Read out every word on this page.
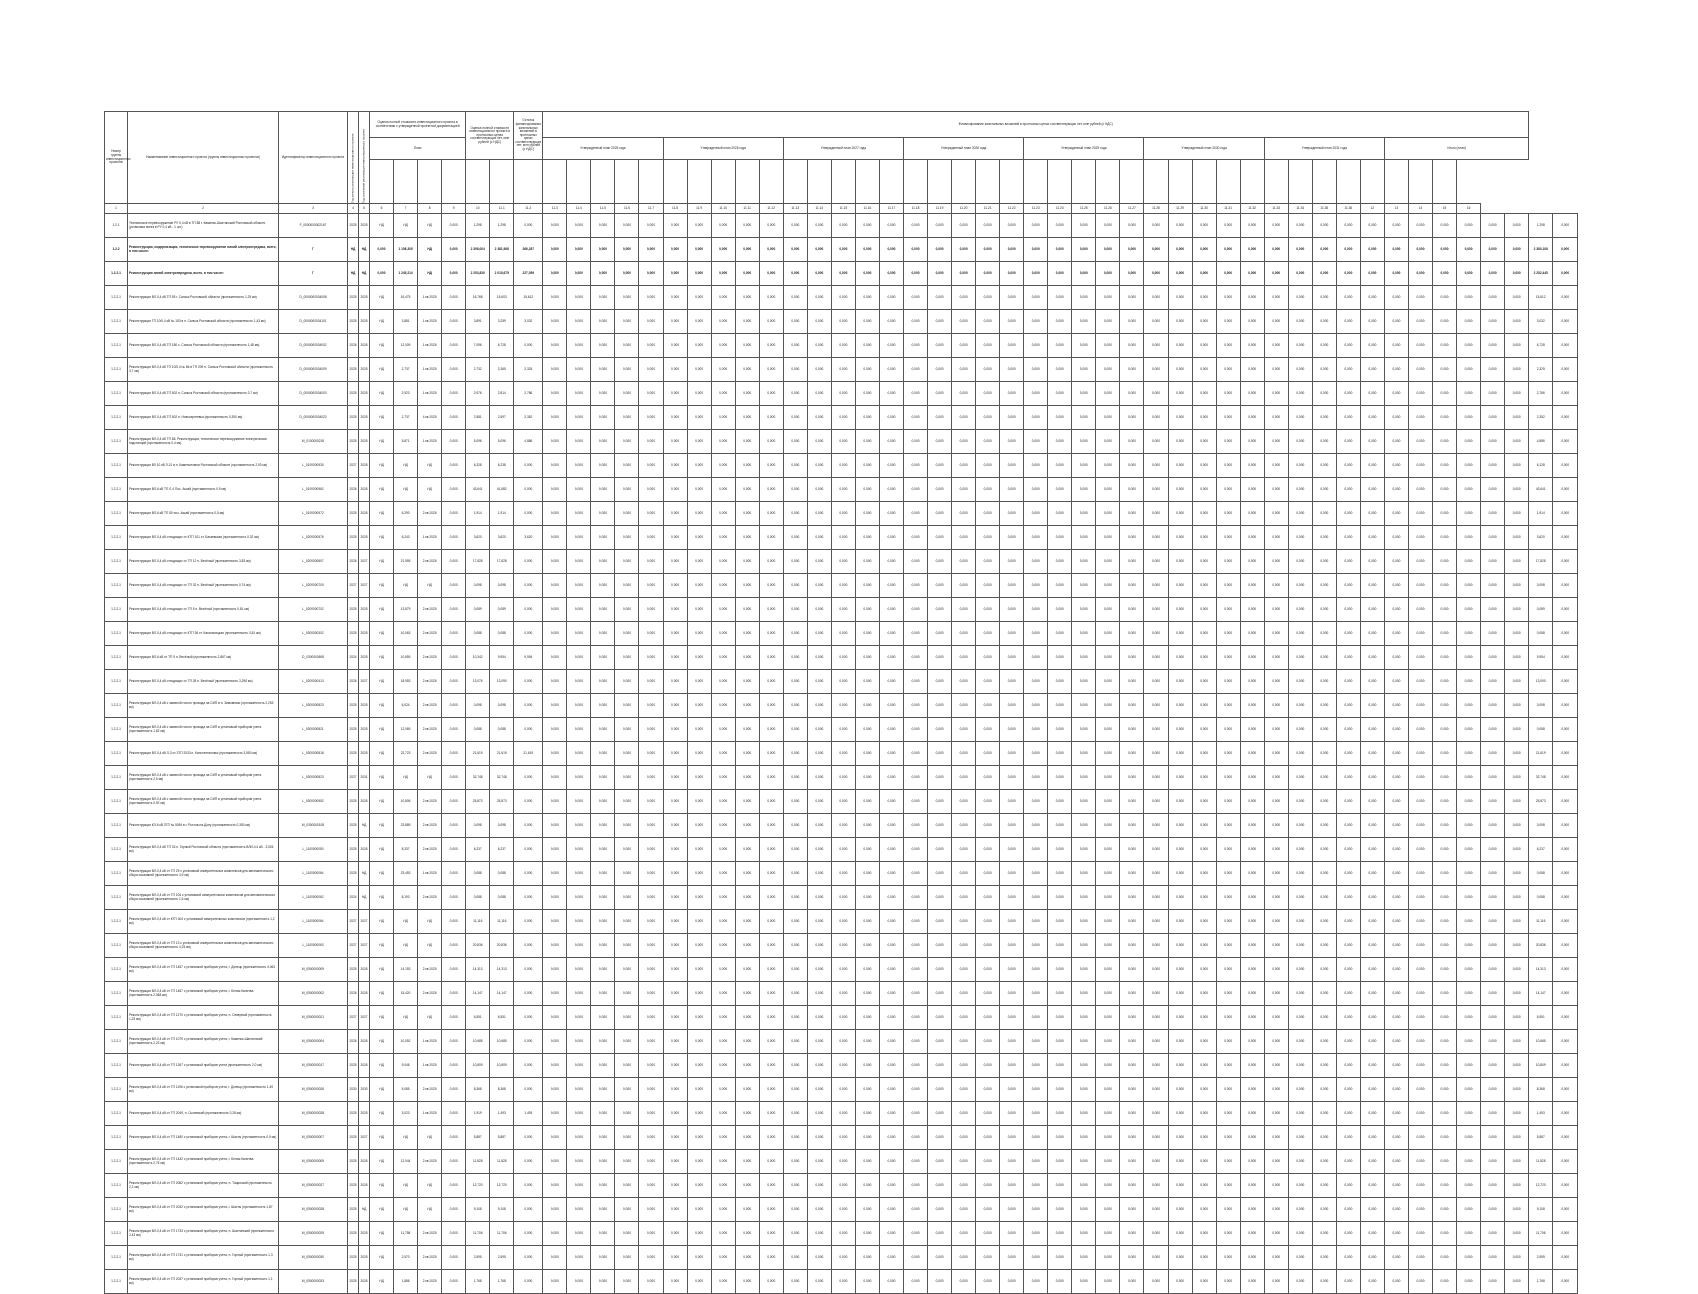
Номер группы инвестиционных проектов	Наименование инвестиционного проекта (группы инвестиционных проектов)	Идентификатор инвестиционного проекта	Год начала реализации инвестиционного проекта	Год окончания реализации инвестиционного проекта	Оценка полной стоимости инвестиционного проекта в соответствии с утвержденной проектной документацией				Оценка полной стоимости инвестиционного проекта в прогнозных ценах соответствующих лет, млн рублей (с НДС)		Остаток финансирования капитальных вложений в прогнозных ценах соответствующих лет, млн рублей (с НДС)	Финансирование капитальных вложений в прогнозных ценах соответствующих лет, млн рублей (с НДС)																																										
					План							Утвержденный план 2025 года					Утвержденный план 2026 года					Утвержденный план 2027 года					Утвержденный план 2028 года					Утвержденный план 2029 года					Утвержденный план 2030 года					Утвержденный план 2031 года					Итого (план)							

1	2	3	4	5	6	7	8	9	10	11.1	11.2	11.3	11.4	11.5	11.6	11.7	11.8	11.9	11.10	11.11	11.12	11.13	11.14	11.15	11.16	11.17	11.18	11.19	11.20	11.21	11.22	11.23	11.24	11.25	11.26	11.27	11.28	11.29	11.30	11.31	11.32	11.33	11.34	11.35	11.36	12	13	14	15	16				
1.2.1	Техническое перевооружение РУ 0,4 кВ в ТП 88 г. Каменск-Шахтинский Ростовской области (установка ячеек в РУ 0,4 кВ - 1 шт.)	F_0000000002167	2025	2025	НД	НД	НД	0,000	1,298	1,298	0,000	0,000	0,000	0,000	0,000	0,000	0,000	0,000	0,000	0,000	0,000	0,000	0,000	0,000	0,000	0,000	0,000	0,000	0,000	0,000	0,000	0,000	0,000	0,000	0,000	0,000	0,000	0,000	0,000	0,000	0,000	0,000	0,000	0,000	0,000	0,000	0,000	0,000	0,000	0,000	0,000	0,000	1,298	0,000
1.2.2	Реконструкция, модернизация, техническое перевооружение линий электропередачи, всего, в том числе:	Г	НД	НД	0,000	1 108,305	НД	0,000	2 398,004	2 381,968	266,287	0,000	0,000	0,000	0,000	0,000	0,000	0,000	0,000	0,000	0,000	0,000	0,000	0,000	0,000	0,000	0,000	0,000	0,000	0,000	0,000	0,000	0,000	0,000	0,000	0,000	0,000	0,000	0,000	0,000	0,000	0,000	0,000	0,000	0,000	0,000	0,000	0,000	0,000	0,000	0,000	0,000	2 380,108	0,000
1.2.2.1	Реконструкция линий электропередачи, всего, в том числе:	Г	НД	НД	0,000	1 245,214	НД	0,000	2 253,830	2 015,675	227,059	0,000	0,000	0,000	0,000	0,000	0,000	0,000	0,000	0,000	0,000	0,000	0,000	0,000	0,000	0,000	0,000	0,000	0,000	0,000	0,000	0,000	0,000	0,000	0,000	0,000	0,000	0,000	0,000	0,000	0,000	0,000	0,000	0,000	0,000	0,000	0,000	0,000	0,000	0,000	0,000	0,000	2 252,445	0,000
1.2.2.1	Реконструкция ВЛ-0,4 кВ ТП 55 г. Сальск Ростовской области (протяженность 1,25 км)	D_0000000034008	2025	2025	НД	16,475	1 кв 2025	0,000	16,768	15,603	15,612	0,000	0,000	0,000	0,000	0,000	0,000	0,000	0,000	0,000	0,000	0,000	0,000	0,000	0,000	0,000	0,000	0,000	0,000	0,000	0,000	0,000	0,000	0,000	0,000	0,000	0,000	0,000	0,000	0,000	0,000	0,000	0,000	0,000	0,000	0,000	0,000	0,000	0,000	0,000	0,000	0,000	15,612	0,000
1.2.2.1	Реконструкция ТП 10/0,4 кВ № 153 в п. Сальск Ростовской области (протяженность 1,43 км)	D_0000000034101	2025	2025	НД	3,881	1 кв 2025	0,000	3,891	3,259	3,032	0,000	0,000	0,000	0,000	0,000	0,000	0,000	0,000	0,000	0,000	0,000	0,000	0,000	0,000	0,000	0,000	0,000	0,000	0,000	0,000	0,000	0,000	0,000	0,000	0,000	0,000	0,000	0,000	0,000	0,000	0,000	0,000	0,000	0,000	0,000	0,000	0,000	0,000	0,000	0,000	0,000	3,032	0,000
1.2.2.1	Реконструкция ВЛ-0,4 кВ ТП 180 с. Сальск Ростовской области (протяженность 1,48 км)	D_0000000034002	2026	2026	НД	12,009	1 кв 2026	0,000	7,096	6,728	0,000	0,000	0,000	0,000	0,000	0,000	0,000	0,000	0,000	0,000	0,000	0,000	0,000	0,000	0,000	0,000	0,000	0,000	0,000	0,000	0,000	0,000	0,000	0,000	0,000	0,000	0,000	0,000	0,000	0,000	0,000	0,000	0,000	0,000	0,000	0,000	0,000	0,000	0,000	0,000	0,000	0,000	6,728	0,000
1.2.2.1	Реконструкция ВЛ-0,4 кВ ТП 10/0,4 № 66 в ТП 209 п. Сальск Ростовской области (протяженность 3,7 км)	D_0000000034009	2025	2025	НД	2,737	1 кв 2025	0,000	2,732	2,365	2,325	0,000	0,000	0,000	0,000	0,000	0,000	0,000	0,000	0,000	0,000	0,000	0,000	0,000	0,000	0,000	0,000	0,000	0,000	0,000	0,000	0,000	0,000	0,000	0,000	0,000	0,000	0,000	0,000	0,000	0,000	0,000	0,000	0,000	0,000	0,000	0,000	0,000	0,000	0,000	0,000	0,000	2,325	0,000
1.2.2.1	Реконструкция ВЛ-0,4 кВ ТП 502 п. Сальск Ростовской области (протяженность 0,7 км)	D_0000000034003	2025	2025	НД	2,923	1 кв 2025	0,000	2,976	2,814	2,786	0,000	0,000	0,000	0,000	0,000	0,000	0,000	0,000	0,000	0,000	0,000	0,000	0,000	0,000	0,000	0,000	0,000	0,000	0,000	0,000	0,000	0,000	0,000	0,000	0,000	0,000	0,000	0,000	0,000	0,000	0,000	0,000	0,000	0,000	0,000	0,000	0,000	0,000	0,000	0,000	0,000	2,786	0,000
1.2.2.1	Реконструкция ВЛ-0,4 кВ ТП 502 п. Новосергеевка (протяженность 0,350 км)	D_0000000034023	2025	2025	НД	2,737	4 кв 2025	0,000	2,581	2,597	2,352	0,000	0,000	0,000	0,000	0,000	0,000	0,000	0,000	0,000	0,000	0,000	0,000	0,000	0,000	0,000	0,000	0,000	0,000	0,000	0,000	0,000	0,000	0,000	0,000	0,000	0,000	0,000	0,000	0,000	0,000	0,000	0,000	0,000	0,000	0,000	0,000	0,000	0,000	0,000	0,000	0,000	2,352	0,000
1.2.2.1	Реконструкция ВЛ-0,4 кВ ТП 68. Реконструкция, техническое перевооружение электрических подстанций (протяженность 0,4 км)	М_0100000218	2025	2025	НД	5,871	1 кв 2025	0,000	5,096	5,096	4,886	0,000	0,000	0,000	0,000	0,000	0,000	0,000	0,000	0,000	0,000	0,000	0,000	0,000	0,000	0,000	0,000	0,000	0,000	0,000	0,000	0,000	0,000	0,000	0,000	0,000	0,000	0,000	0,000	0,000	0,000	0,000	0,000	0,000	0,000	0,000	0,000	0,000	0,000	0,000	0,000	0,000	4,886	0,000
1.2.2.1	Реконструкция ВЛ 10 кВ Л-21 в п. Каменоломни Ростовской области (протяженность 2,93 км)	L_0100000930	2027	2028	НД	НД	НД	0,000	6,328	6,238	0,000	0,000	0,000	0,000	0,000	0,000	0,000	0,000	0,000	0,000	0,000	0,000	0,000	0,000	0,000	0,000	0,000	0,000	0,000	0,000	0,000	0,000	0,000	0,000	0,000	0,000	0,000	0,000	0,000	0,000	0,000	0,000	0,000	0,000	0,000	0,000	0,000	0,000	0,000	0,000	0,000	0,000	6,128	0,000
1.2.2.1	Реконструкция ВЛ-6 кВ ТП Л-4 Пос. Аксай (протяженность 0,9 км)	L_0100000962	2026	2026	НД	НД	НД	0,000	43,641	41,882	0,000	0,000	0,000	0,000	0,000	0,000	0,000	0,000	0,000	0,000	0,000	0,000	0,000	0,000	0,000	0,000	0,000	0,000	0,000	0,000	0,000	0,000	0,000	0,000	0,000	0,000	0,000	0,000	0,000	0,000	0,000	0,000	0,000	0,000	0,000	0,000	0,000	0,000	0,000	0,000	0,000	0,000	43,641	0,000
1.2.2.1	Реконструкция ВЛ-6 кВ ТП 50 пос. Аксай (протяженность 0,5 км)	L_0100000972	2025	2026	НД	6,290	2 кв 2026	0,000	1,914	1,914	0,000	0,000	0,000	0,000	0,000	0,000	0,000	0,000	0,000	0,000	0,000	0,000	0,000	0,000	0,000	0,000	0,000	0,000	0,000	0,000	0,000	0,000	0,000	0,000	0,000	0,000	0,000	0,000	0,000	0,000	0,000	0,000	0,000	0,000	0,000	0,000	0,000	0,000	0,000	0,000	0,000	0,000	1,914	0,000
1.2.2.1	Реконструкция ВЛ-0,4 кВ отходящих от КТП 101 ст. Багаевская (протяженность 0,32 км)	L_0200000576	2025	2025	НД	6,243	1 кв 2025	0,000	3,620	3,620	3,620	0,000	0,000	0,000	0,000	0,000	0,000	0,000	0,000	0,000	0,000	0,000	0,000	0,000	0,000	0,000	0,000	0,000	0,000	0,000	0,000	0,000	0,000	0,000	0,000	0,000	0,000	0,000	0,000	0,000	0,000	0,000	0,000	0,000	0,000	0,000	0,000	0,000	0,000	0,000	0,000	0,000	3,620	0,000
1.2.2.1	Реконструкция ВЛ-0,4 кВ отходящих от ТП 12 п. Весёлый (протяженность 3,83 км)	L_0200000607	2026	2027	НД	21,955	2 кв 2026	0,000	17,828	17,828	0,000	0,000	0,000	0,000	0,000	0,000	0,000	0,000	0,000	0,000	0,000	0,000	0,000	0,000	0,000	0,000	0,000	0,000	0,000	0,000	0,000	0,000	0,000	0,000	0,000	0,000	0,000	0,000	0,000	0,000	0,000	0,000	0,000	0,000	0,000	0,000	0,000	0,000	0,000	0,000	0,000	0,000	17,828	0,000
1.2.2.1	Реконструкция ВЛ-0,4 кВ отходящих от ТП 32 п. Весёлый (протяженность 0,74 км)	L_0200000700	2027	2027	НД	НД	НД	0,000	0,098	0,098	0,000	0,000	0,000	0,000	0,000	0,000	0,000	0,000	0,000	0,000	0,000	0,000	0,000	0,000	0,000	0,000	0,000	0,000	0,000	0,000	0,000	0,000	0,000	0,000	0,000	0,000	0,000	0,000	0,000	0,000	0,000	0,000	0,000	0,000	0,000	0,000	0,000	0,000	0,000	0,000	0,000	0,000	0,098	0,000
1.2.2.1	Реконструкция ВЛ-0,4 кВ отходящих от ТП 5 п. Весёлый (протяженность 0,81 км)	L_0200000702	2025	2025	НД	13,879	2 кв 2025	0,000	0,089	0,089	0,000	0,000	0,000	0,000	0,000	0,000	0,000	0,000	0,000	0,000	0,000	0,000	0,000	0,000	0,000	0,000	0,000	0,000	0,000	0,000	0,000	0,000	0,000	0,000	0,000	0,000	0,000	0,000	0,000	0,000	0,000	0,000	0,000	0,000	0,000	0,000	0,000	0,000	0,000	0,000	0,000	0,000	0,089	0,000
1.2.2.1	Реконструкция ВЛ-0,4 кВ отходящих от КТП 36 ст. Кагальницкая (протяженность 0,81 км)	L_0300000302	2025	2025	НД	10,063	2 кв 2025	0,000	0,088	0,088	0,000	0,000	0,000	0,000	0,000	0,000	0,000	0,000	0,000	0,000	0,000	0,000	0,000	0,000	0,000	0,000	0,000	0,000	0,000	0,000	0,000	0,000	0,000	0,000	0,000	0,000	0,000	0,000	0,000	0,000	0,000	0,000	0,000	0,000	0,000	0,000	0,000	0,000	0,000	0,000	0,000	0,000	0,088	0,000
1.2.2.1	Реконструкция ВЛ-6 кВ от ТП 9 п. Весёлый (протяженность 2,867 км)	D_0300000608	2024	2025	НД	10,659	2 кв 2025	0,000	10,342	9,954	9,954	0,000	0,000	0,000	0,000	0,000	0,000	0,000	0,000	0,000	0,000	0,000	0,000	0,000	0,000	0,000	0,000	0,000	0,000	0,000	0,000	0,000	0,000	0,000	0,000	0,000	0,000	0,000	0,000	0,000	0,000	0,000	0,000	0,000	0,000	0,000	0,000	0,000	0,000	0,000	0,000	0,000	9,954	0,000
1.2.2.1	Реконструкция ВЛ-0,4 кВ отходящих от ТП 28 п. Весёлый (протяженность 3,298 км)	L_0200000413	2026	2027	НД	18,953	2 кв 2026	0,000	13,076	13,090	0,000	0,000	0,000	0,000	0,000	0,000	0,000	0,000	0,000	0,000	0,000	0,000	0,000	0,000	0,000	0,000	0,000	0,000	0,000	0,000	0,000	0,000	0,000	0,000	0,000	0,000	0,000	0,000	0,000	0,000	0,000	0,000	0,000	0,000	0,000	0,000	0,000	0,000	0,000	0,000	0,000	0,000	13,090	0,000
1.2.2.1	Реконструкция ВЛ-0,4 кВ с заменой голого провода на СИП в п. Зимовники (протяженность 2,253 км)	L_0300000823	2025	2025	НД	6,024	2 кв 2025	0,000	0,098	0,098	0,000	0,000	0,000	0,000	0,000	0,000	0,000	0,000	0,000	0,000	0,000	0,000	0,000	0,000	0,000	0,000	0,000	0,000	0,000	0,000	0,000	0,000	0,000	0,000	0,000	0,000	0,000	0,000	0,000	0,000	0,000	0,000	0,000	0,000	0,000	0,000	0,000	0,000	0,000	0,000	0,000	0,000	0,098	0,000
1.2.2.1	Реконструкция ВЛ-0,4 кВ с заменой голого провода на СИП в установкой приборов учета (протяженность 1,82 км)	L_0300000821	2025	2025	НД	12,069	2 кв 2025	0,000	0,088	0,088	0,000	0,000	0,000	0,000	0,000	0,000	0,000	0,000	0,000	0,000	0,000	0,000	0,000	0,000	0,000	0,000	0,000	0,000	0,000	0,000	0,000	0,000	0,000	0,000	0,000	0,000	0,000	0,000	0,000	0,000	0,000	0,000	0,000	0,000	0,000	0,000	0,000	0,000	0,000	0,000	0,000	0,000	0,088	0,000
1.2.2.1	Реконструкция ВЛ-0,4 кВ Л-3 от ЗТП 2033 п. Константиновск (протяженность 3,550 км)	L_0300000818	2025	2025	НД	22,723	2 кв 2025	0,000	21,619	21,619	21,619	0,000	0,000	0,000	0,000	0,000	0,000	0,000	0,000	0,000	0,000	0,000	0,000	0,000	0,000	0,000	0,000	0,000	0,000	0,000	0,000	0,000	0,000	0,000	0,000	0,000	0,000	0,000	0,000	0,000	0,000	0,000	0,000	0,000	0,000	0,000	0,000	0,000	0,000	0,000	0,000	0,000	21,619	0,000
1.2.2.1	Реконструкция ВЛ-0,4 кВ с заменой голого провода на СИП в установкой приборов учета (протяженность 2,5 км)	L_0300000823	2027	2031	НД	НД	НД	0,000	32,748	32,748	0,000	0,000	0,000	0,000	0,000	0,000	0,000	0,000	0,000	0,000	0,000	0,000	0,000	0,000	0,000	0,000	0,000	0,000	0,000	0,000	0,000	0,000	0,000	0,000	0,000	0,000	0,000	0,000	0,000	0,000	0,000	0,000	0,000	0,000	0,000	0,000	0,000	0,000	0,000	0,000	0,000	0,000	32,748	0,000
1.2.2.1	Реконструкция ВЛ-0,4 кВ с заменой голого провода на СИП в установкой приборов учета (протяженность 0,92 км)	L_0300000952	2025	2026	НД	10,806	2 кв 2025	0,000	25,873	25,873	0,000	0,000	0,000	0,000	0,000	0,000	0,000	0,000	0,000	0,000	0,000	0,000	0,000	0,000	0,000	0,000	0,000	0,000	0,000	0,000	0,000	0,000	0,000	0,000	0,000	0,000	0,000	0,000	0,000	0,000	0,000	0,000	0,000	0,000	0,000	0,000	0,000	0,000	0,000	0,000	0,000	0,000	25,873	0,000
1.2.2.1	Реконструкция КЛ-6 кВ ЗТП № 5054 в г. Ростов-на-Дону (протяженность 0,350 км)	М_0300000108	2025	НД	НД	23,889	2 кв 2025	0,000	0,098	0,098	0,000	0,000	0,000	0,000	0,000	0,000	0,000	0,000	0,000	0,000	0,000	0,000	0,000	0,000	0,000	0,000	0,000	0,000	0,000	0,000	0,000	0,000	0,000	0,000	0,000	0,000	0,000	0,000	0,000	0,000	0,000	0,000	0,000	0,000	0,000	0,000	0,000	0,000	0,000	0,000	0,000	0,000	0,098	0,000
1.2.2.1	Реконструкция ВЛ-0,4 кВ ТП 33 п. Горный Ростовской области (протяженность ВЛИ-0,4 кВ - 3,526 км)	L_1100000050	2025	2026	НД	8,337	2 кв 2025	0,000	6,237	6,237	0,000	0,000	0,000	0,000	0,000	0,000	0,000	0,000	0,000	0,000	0,000	0,000	0,000	0,000	0,000	0,000	0,000	0,000	0,000	0,000	0,000	0,000	0,000	0,000	0,000	0,000	0,000	0,000	0,000	0,000	0,000	0,000	0,000	0,000	0,000	0,000	0,000	0,000	0,000	0,000	0,000	0,000	6,237	0,000
1.2.2.1	Реконструкция ВЛ-0,4 кВ от ТП 29 с установкой измерительных комплексов для автоматического сбора показаний (протяженность 4,9 км)	L_1100000064	2025	НД	НД	23,453	1 кв 2025	0,000	0,088	0,088	0,000	0,000	0,000	0,000	0,000	0,000	0,000	0,000	0,000	0,000	0,000	0,000	0,000	0,000	0,000	0,000	0,000	0,000	0,000	0,000	0,000	0,000	0,000	0,000	0,000	0,000	0,000	0,000	0,000	0,000	0,000	0,000	0,000	0,000	0,000	0,000	0,000	0,000	0,000	0,000	0,000	0,000	0,088	0,000
1.2.2.1	Реконструкция ВЛ-0,4 кВ от ТП 104 с установкой измерительных комплексов для автоматического сбора показаний (протяженность 1,6 км)	L_1100000062	2024	НД	НД	8,193	2 кв 2025	0,000	0,088	0,088	0,000	0,000	0,000	0,000	0,000	0,000	0,000	0,000	0,000	0,000	0,000	0,000	0,000	0,000	0,000	0,000	0,000	0,000	0,000	0,000	0,000	0,000	0,000	0,000	0,000	0,000	0,000	0,000	0,000	0,000	0,000	0,000	0,000	0,000	0,000	0,000	0,000	0,000	0,000	0,000	0,000	0,000	0,088	0,000
1.2.2.1	Реконструкция ВЛ-0,4 кВ от КТП 404 с установкой измерительных комплексов (протяженность 1,2 км)	L_1100000064	2027	2027	НД	НД	НД	0,000	11,116	11,116	0,000	0,000	0,000	0,000	0,000	0,000	0,000	0,000	0,000	0,000	0,000	0,000	0,000	0,000	0,000	0,000	0,000	0,000	0,000	0,000	0,000	0,000	0,000	0,000	0,000	0,000	0,000	0,000	0,000	0,000	0,000	0,000	0,000	0,000	0,000	0,000	0,000	0,000	0,000	0,000	0,000	0,000	11,116	0,000
1.2.2.1	Реконструкция ВЛ-0,4 кВ от ТП 13 с установкой измерительных комплексов для автоматического сбора показаний (протяженность 4,25 км)	L_1100000063	2027	2027	НД	НД	НД	0,000	20,836	20,836	0,000	0,000	0,000	0,000	0,000	0,000	0,000	0,000	0,000	0,000	0,000	0,000	0,000	0,000	0,000	0,000	0,000	0,000	0,000	0,000	0,000	0,000	0,000	0,000	0,000	0,000	0,000	0,000	0,000	0,000	0,000	0,000	0,000	0,000	0,000	0,000	0,000	0,000	0,000	0,000	0,000	0,000	20,836	0,000
1.2.2.1	Реконструкция ВЛ-0,4 кВ от ТП 1457 с установкой приборов учета, г. Донецк (протяженность 4,063 км)	М_0500000009	2025	2026	НД	14,153	2 кв 2025	0,000	14,313	14,313	0,000	0,000	0,000	0,000	0,000	0,000	0,000	0,000	0,000	0,000	0,000	0,000	0,000	0,000	0,000	0,000	0,000	0,000	0,000	0,000	0,000	0,000	0,000	0,000	0,000	0,000	0,000	0,000	0,000	0,000	0,000	0,000	0,000	0,000	0,000	0,000	0,000	0,000	0,000	0,000	0,000	0,000	14,313	0,000
1.2.2.1	Реконструкция ВЛ-0,4 кВ от ТП 1467 с установкой приборов учета, г. Белая Калитва (протяженность 2,368 км)	М_0500000002	2026	2026	НД	15,420	2 кв 2026	0,000	14,147	14,147	0,000	0,000	0,000	0,000	0,000	0,000	0,000	0,000	0,000	0,000	0,000	0,000	0,000	0,000	0,000	0,000	0,000	0,000	0,000	0,000	0,000	0,000	0,000	0,000	0,000	0,000	0,000	0,000	0,000	0,000	0,000	0,000	0,000	0,000	0,000	0,000	0,000	0,000	0,000	0,000	0,000	0,000	14,147	0,000
1.2.2.1	Реконструкция ВЛ-0,4 кВ от ТП 1270 с установкой приборов учета, п. Северный (протяженность 1,23 км)	М_0500000021	2027	2027	НД	НД	НД	0,000	6,551	6,551	0,000	0,000	0,000	0,000	0,000	0,000	0,000	0,000	0,000	0,000	0,000	0,000	0,000	0,000	0,000	0,000	0,000	0,000	0,000	0,000	0,000	0,000	0,000	0,000	0,000	0,000	0,000	0,000	0,000	0,000	0,000	0,000	0,000	0,000	0,000	0,000	0,000	0,000	0,000	0,000	0,000	0,000	6,551	0,000
1.2.2.1	Реконструкция ВЛ-0,4 кВ от ТП 1079 с установкой приборов учета, г. Каменск-Шахтинский (протяженность 2,23 км)	М_0500000004	2026	2026	НД	10,052	1 кв 2025	0,000	10,685	10,685	0,000	0,000	0,000	0,000	0,000	0,000	0,000	0,000	0,000	0,000	0,000	0,000	0,000	0,000	0,000	0,000	0,000	0,000	0,000	0,000	0,000	0,000	0,000	0,000	0,000	0,000	0,000	0,000	0,000	0,000	0,000	0,000	0,000	0,000	0,000	0,000	0,000	0,000	0,000	0,000	0,000	0,000	10,685	0,000
1.2.2.1	Реконструкция ВЛ-0,4 кВ от ТП 1267 с установкой приборов учета (протяженность 2,0 км)	М_0500000017	2025	2026	НД	9,046	1 кв 2025	0,000	10,809	10,809	0,000	0,000	0,000	0,000	0,000	0,000	0,000	0,000	0,000	0,000	0,000	0,000	0,000	0,000	0,000	0,000	0,000	0,000	0,000	0,000	0,000	0,000	0,000	0,000	0,000	0,000	0,000	0,000	0,000	0,000	0,000	0,000	0,000	0,000	0,000	0,000	0,000	0,000	0,000	0,000	0,000	0,000	10,809	0,000
1.2.2.1	Реконструкция ВЛ-0,4 кВ от ТП 1196 с установкой приборов учета, г. Донецк (протяженность 1,49 км)	М_0500000026	2030	2030	НД	5,085	2 кв 2025	0,000	8,368	8,368	0,000	0,000	0,000	0,000	0,000	0,000	0,000	0,000	0,000	0,000	0,000	0,000	0,000	0,000	0,000	0,000	0,000	0,000	0,000	0,000	0,000	0,000	0,000	0,000	0,000	0,000	0,000	0,000	0,000	0,000	0,000	0,000	0,000	0,000	0,000	0,000	0,000	0,000	0,000	0,000	0,000	0,000	8,368	0,000
1.2.2.1	Реконструкция ВЛ-0,4 кВ от ТП 2049, п. Сычевский (протяженность 0,28 км)	М_0500000028	2025	2025	НД	3,023	1 кв 2025	0,000	1,919	1,493	1,493	0,000	0,000	0,000	0,000	0,000	0,000	0,000	0,000	0,000	0,000	0,000	0,000	0,000	0,000	0,000	0,000	0,000	0,000	0,000	0,000	0,000	0,000	0,000	0,000	0,000	0,000	0,000	0,000	0,000	0,000	0,000	0,000	0,000	0,000	0,000	0,000	0,000	0,000	0,000	0,000	0,000	1,493	0,000
1.2.2.1	Реконструкция ВЛ-0,4 кВ от ТП 1480 с установкой приборов учета, г. Шахты (протяженность 0,9 км)	М_0500000007	2025	2027	НД	НД	НД	0,000	5,887	5,887	0,000	0,000	0,000	0,000	0,000	0,000	0,000	0,000	0,000	0,000	0,000	0,000	0,000	0,000	0,000	0,000	0,000	0,000	0,000	0,000	0,000	0,000	0,000	0,000	0,000	0,000	0,000	0,000	0,000	0,000	0,000	0,000	0,000	0,000	0,000	0,000	0,000	0,000	0,000	0,000	0,000	0,000	5,887	0,000
1.2.2.1	Реконструкция ВЛ-0,4 кВ от ТП 1432 с установкой приборов учета, г. Белая Калитва (протяженность 2,76 км)	М_0500000005	2025	2026	НД	12,044	2 кв 2025	0,000	11,828	11,828	0,000	0,000	0,000	0,000	0,000	0,000	0,000	0,000	0,000	0,000	0,000	0,000	0,000	0,000	0,000	0,000	0,000	0,000	0,000	0,000	0,000	0,000	0,000	0,000	0,000	0,000	0,000	0,000	0,000	0,000	0,000	0,000	0,000	0,000	0,000	0,000	0,000	0,000	0,000	0,000	0,000	0,000	11,828	0,000
1.2.2.1	Реконструкция ВЛ-0,4 кВ от ТП 2082 с установкой приборов учета, п. Тацинский (протяженность 2,2 км)	М_0500000027	2025	2026	НД	НД	НД	0,000	12,720	12,720	0,000	0,000	0,000	0,000	0,000	0,000	0,000	0,000	0,000	0,000	0,000	0,000	0,000	0,000	0,000	0,000	0,000	0,000	0,000	0,000	0,000	0,000	0,000	0,000	0,000	0,000	0,000	0,000	0,000	0,000	0,000	0,000	0,000	0,000	0,000	0,000	0,000	0,000	0,000	0,000	0,000	0,000	12,720	0,000
1.2.2.1	Реконструкция ВЛ-0,4 кВ от ТП 2032 с установкой приборов учета, г. Шахты (протяженность 1,87 км)	М_0500000028	2025	НД	НД	НД	НД	0,000	9,108	9,108	0,000	0,000	0,000	0,000	0,000	0,000	0,000	0,000	0,000	0,000	0,000	0,000	0,000	0,000	0,000	0,000	0,000	0,000	0,000	0,000	0,000	0,000	0,000	0,000	0,000	0,000	0,000	0,000	0,000	0,000	0,000	0,000	0,000	0,000	0,000	0,000	0,000	0,000	0,000	0,000	0,000	0,000	9,108	0,000
1.2.2.1	Реконструкция ВЛ-0,4 кВ от ТП 1733 с установкой приборов учета, п. Шахтинский (протяженность 2,43 км)	М_0500000029	2025	2025	НД	11,758	2 кв 2025	0,000	11,706	11,706	0,000	0,000	0,000	0,000	0,000	0,000	0,000	0,000	0,000	0,000	0,000	0,000	0,000	0,000	0,000	0,000	0,000	0,000	0,000	0,000	0,000	0,000	0,000	0,000	0,000	0,000	0,000	0,000	0,000	0,000	0,000	0,000	0,000	0,000	0,000	0,000	0,000	0,000	0,000	0,000	0,000	0,000	11,706	0,000
1.2.2.1	Реконструкция ВЛ-0,4 кВ от ТП 1731 с установкой приборов учета, п. Горный (протяженность 1,3 км)	М_0500000030	2025	2025	НД	2,570	2 кв 2025	0,000	2,595	2,595	0,000	0,000	0,000	0,000	0,000	0,000	0,000	0,000	0,000	0,000	0,000	0,000	0,000	0,000	0,000	0,000	0,000	0,000	0,000	0,000	0,000	0,000	0,000	0,000	0,000	0,000	0,000	0,000	0,000	0,000	0,000	0,000	0,000	0,000	0,000	0,000	0,000	0,000	0,000	0,000	0,000	0,000	2,595	0,000
1.2.2.1	Реконструкция ВЛ-0,4 кВ от ТП 2037 с установкой приборов учета, п. Горный (протяженность 1,1 км)	М_0500000033	2025	2026	НД	1,886	2 кв 2025	0,000	1,768	1,768	0,000	0,000	0,000	0,000	0,000	0,000	0,000	0,000	0,000	0,000	0,000	0,000	0,000	0,000	0,000	0,000	0,000	0,000	0,000	0,000	0,000	0,000	0,000	0,000	0,000	0,000	0,000	0,000	0,000	0,000	0,000	0,000	0,000	0,000	0,000	0,000	0,000	0,000	0,000	0,000	0,000	0,000	1,768	0,000
